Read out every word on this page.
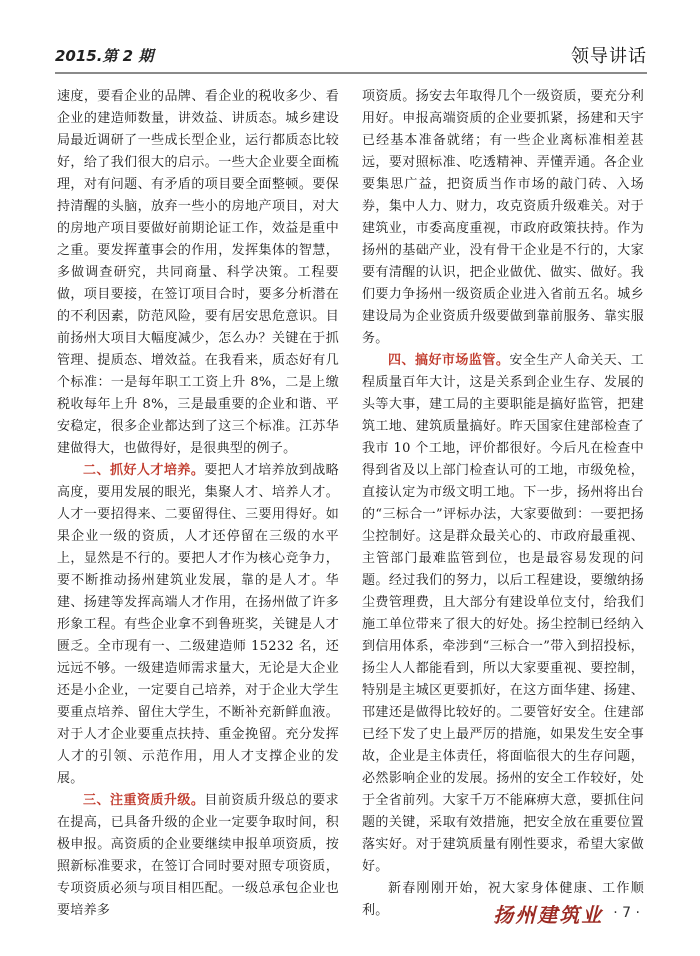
2015.第 2 期	领导讲话

速度，要看企业的品牌、看企业的税收多少、看企业的建造师数量，讲效益、讲质态。城乡建设局最近调研了一些成长型企业，运行都质态比较好，给了我们很大的启示。一些大企业要全面梳理，对有问题、有矛盾的项目要全面整顿。要保持清醒的头脑，放弃一些小的房地产项目，对大的房地产项目要做好前期论证工作，效益是重中之重。要发挥董事会的作用，发挥集体的智慧，多做调查研究，共同商量、科学决策。工程要做，项目要接，在签订项目合时，要多分析潜在的不利因素，防范风险，要有居安思危意识。目前扬州大项目大幅度减少，怎么办？关键在于抓管理、提质态、增效益。在我看来，质态好有几个标准：一是每年职工工资上升 8%，二是上缴税收每年上升 8%，三是最重要的企业和谐、平安稳定，很多企业都达到了这三个标准。江苏华建做得大，也做得好，是很典型的例子。

二、抓好人才培养。要把人才培养放到战略高度，要用发展的眼光，集聚人才、培养人才。人才一要招得来、二要留得住、三要用得好。如果企业一级的资质，人才还停留在三级的水平上，显然是不行的。要把人才作为核心竞争力，要不断推动扬州建筑业发展，靠的是人才。华建、扬建等发挥高端人才作用，在扬州做了许多形象工程。有些企业拿不到鲁班奖，关键是人才匮乏。全市现有一、二级建造师 15232 名，还远远不够。一级建造师需求量大，无论是大企业还是小企业，一定要自己培养，对于企业大学生要重点培养、留住大学生，不断补充新鲜血液。对于人才企业要重点扶持、重金挽留。充分发挥人才的引领、示范作用，用人才支撑企业的发展。

三、注重资质升级。目前资质升级总的要求在提高，已具备升级的企业一定要争取时间，积极申报。高资质的企业要继续申报单项资质，按照新标准要求，在签订合同时要对照专项资质，专项资质必须与项目相匹配。一级总承包企业也要培养多

项资质。扬安去年取得几个一级资质，要充分利用好。申报高端资质的企业要抓紧，扬建和天宇已经基本准备就绪；有一些企业离标准相差甚远，要对照标准、吃透精神、弄懂弄通。各企业要集思广益，把资质当作市场的敲门砖、入场券，集中人力、财力，攻克资质升级难关。对于建筑业，市委高度重视，市政府政策扶持。作为扬州的基础产业，没有骨干企业是不行的，大家要有清醒的认识，把企业做优、做实、做好。我们要力争扬州一级资质企业进入省前五名。城乡建设局为企业资质升级要做到靠前服务、靠实服务。

四、搞好市场监管。安全生产人命关天、工程质量百年大计，这是关系到企业生存、发展的头等大事，建工局的主要职能是搞好监管，把建筑工地、建筑质量搞好。昨天国家住建部检查了我市 10 个工地，评价都很好。今后凡在检查中得到省及以上部门检查认可的工地，市级免检，直接认定为市级文明工地。下一步，扬州将出台的“三标合一”评标办法，大家要做到：一要把扬尘控制好。这是群众最关心的、市政府最重视、主管部门最难监管到位，也是最容易发现的问题。经过我们的努力，以后工程建设，要缴纳扬尘费管理费，且大部分有建设单位支付，给我们施工单位带来了很大的好处。扬尘控制已经纳入到信用体系，牵涉到“三标合一”带入到招投标，扬尘人人都能看到，所以大家要重视、要控制，特别是主城区更要抓好，在这方面华建、扬建、邗建还是做得比较好的。二要管好安全。住建部已经下发了史上最严厉的措施，如果发生安全事故，企业是主体责任，将面临很大的生存问题，必然影响企业的发展。扬州的安全工作较好，处于全省前列。大家千万不能麻痹大意，要抓住问题的关键，采取有效措施，把安全放在重要位置落实好。对于建筑质量有刚性要求，希望大家做好。

新春刚刚开始，祝大家身体健康、工作顺利。	扬州建筑业 · 7 ·
